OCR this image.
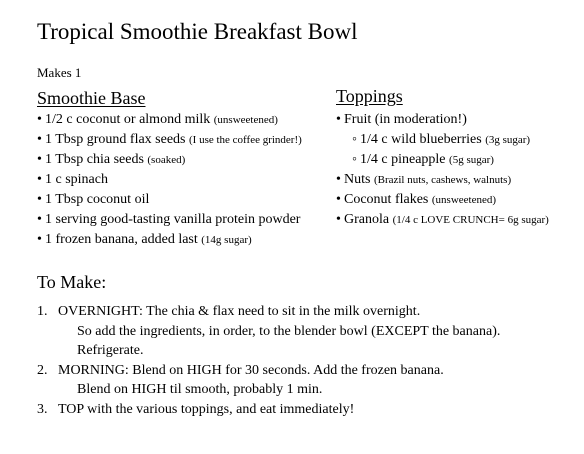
Tropical Smoothie Breakfast Bowl
Makes 1
Smoothie Base
• 1/2 c coconut or almond milk (unsweetened)
• 1 Tbsp ground flax seeds (I use the coffee grinder!)
• 1 Tbsp chia seeds (soaked)
• 1 c spinach
• 1 Tbsp coconut oil
• 1 serving good-tasting vanilla protein powder
• 1 frozen banana, added last (14g sugar)
Toppings
• Fruit (in moderation!)
◦ 1/4 c wild blueberries (3g sugar)
◦ 1/4 c pineapple (5g sugar)
• Nuts (Brazil nuts, cashews, walnuts)
• Coconut flakes (unsweetened)
• Granola (1/4 c LOVE CRUNCH= 6g sugar)
To Make:
1. OVERNIGHT: The chia & flax need to sit in the milk overnight.
So add the ingredients, in order, to the blender bowl (EXCEPT the banana). Refrigerate.
2. MORNING: Blend on HIGH for 30 seconds. Add the frozen banana.
Blend on HIGH til smooth, probably 1 min.
3. TOP with the various toppings, and eat immediately!
